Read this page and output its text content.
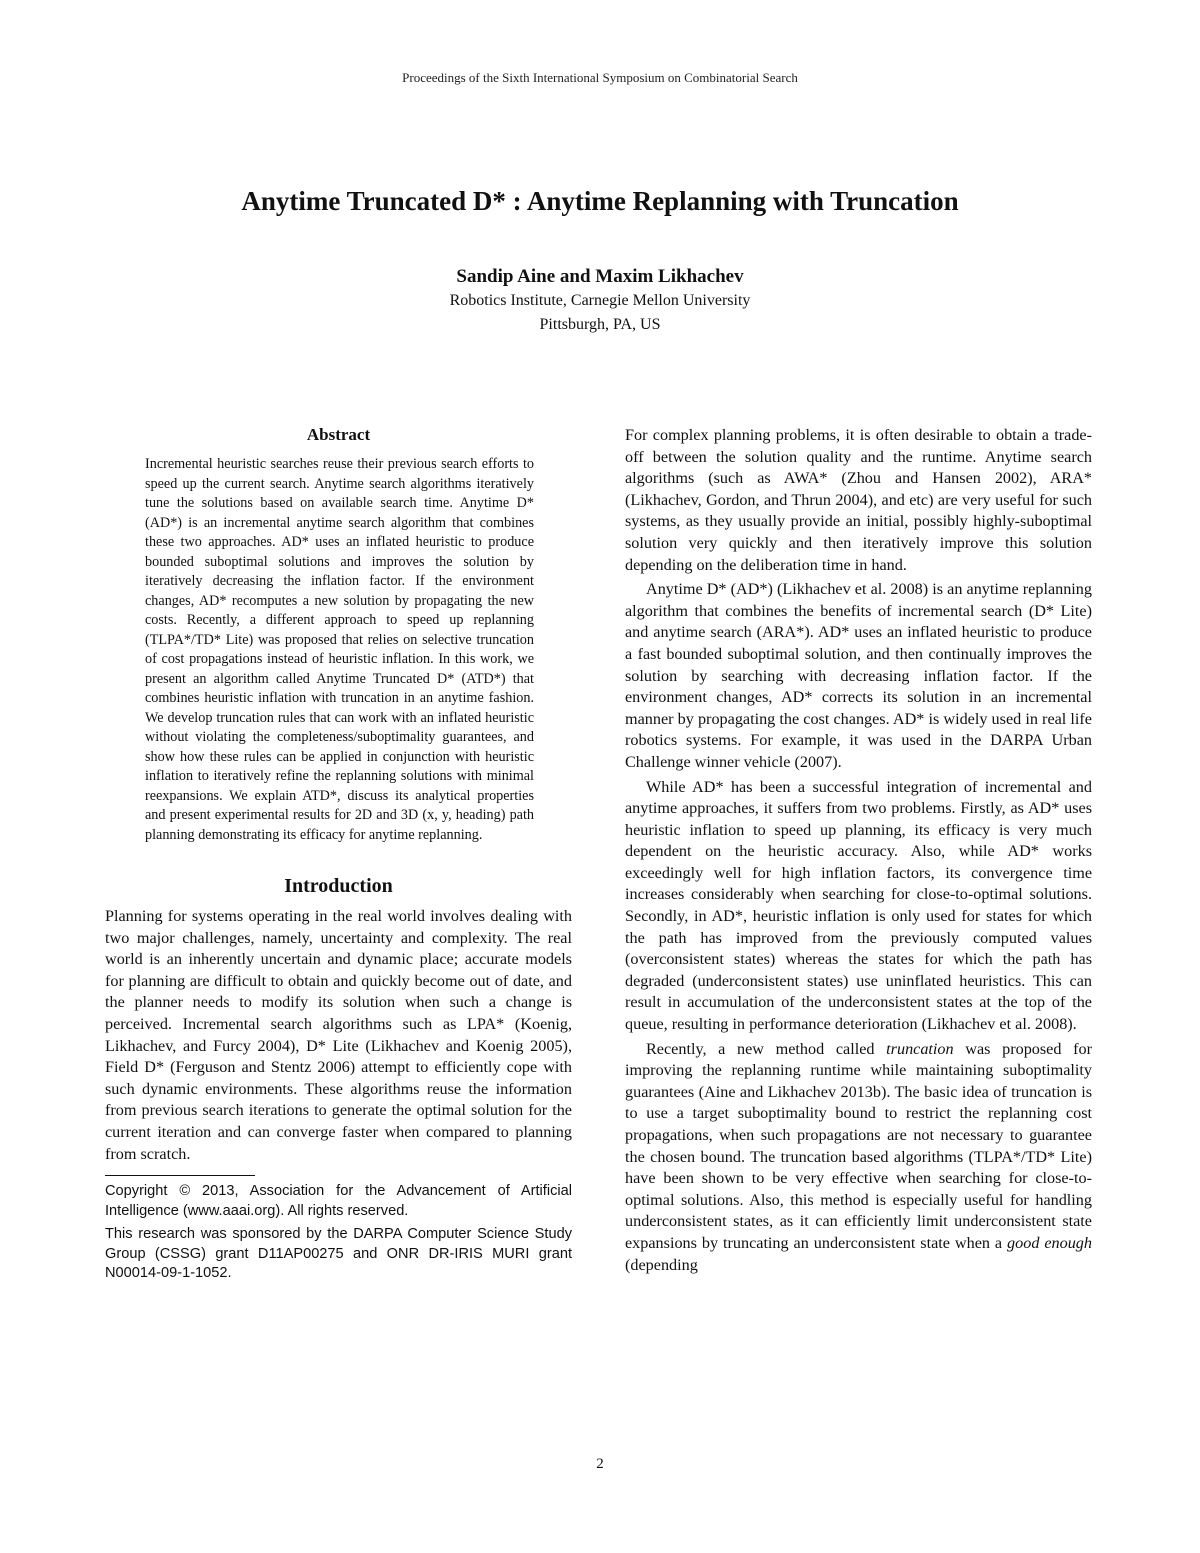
Proceedings of the Sixth International Symposium on Combinatorial Search
Anytime Truncated D* : Anytime Replanning with Truncation
Sandip Aine and Maxim Likhachev
Robotics Institute, Carnegie Mellon University
Pittsburgh, PA, US
Abstract

Incremental heuristic searches reuse their previous search efforts to speed up the current search. Anytime search algorithms iteratively tune the solutions based on available search time. Anytime D* (AD*) is an incremental anytime search algorithm that combines these two approaches. AD* uses an inflated heuristic to produce bounded suboptimal solutions and improves the solution by iteratively decreasing the inflation factor. If the environment changes, AD* recomputes a new solution by propagating the new costs. Recently, a different approach to speed up replanning (TLPA*/TD* Lite) was proposed that relies on selective truncation of cost propagations instead of heuristic inflation. In this work, we present an algorithm called Anytime Truncated D* (ATD*) that combines heuristic inflation with truncation in an anytime fashion. We develop truncation rules that can work with an inflated heuristic without violating the completeness/suboptimality guarantees, and show how these rules can be applied in conjunction with heuristic inflation to iteratively refine the replanning solutions with minimal reexpansions. We explain ATD*, discuss its analytical properties and present experimental results for 2D and 3D (x, y, heading) path planning demonstrating its efficacy for anytime replanning.

Introduction

Planning for systems operating in the real world involves dealing with two major challenges, namely, uncertainty and complexity. The real world is an inherently uncertain and dynamic place; accurate models for planning are difficult to obtain and quickly become out of date, and the planner needs to modify its solution when such a change is perceived. Incremental search algorithms such as LPA* (Koenig, Likhachev, and Furcy 2004), D* Lite (Likhachev and Koenig 2005), Field D* (Ferguson and Stentz 2006) attempt to efficiently cope with such dynamic environments. These algorithms reuse the information from previous search iterations to generate the optimal solution for the current iteration and can converge faster when compared to planning from scratch.

Copyright © 2013, Association for the Advancement of Artificial Intelligence (www.aaai.org). All rights reserved.

This research was sponsored by the DARPA Computer Science Study Group (CSSG) grant D11AP00275 and ONR DR-IRIS MURI grant N00014-09-1-1052.

For complex planning problems, it is often desirable to obtain a trade-off between the solution quality and the runtime. Anytime search algorithms (such as AWA* (Zhou and Hansen 2002), ARA* (Likhachev, Gordon, and Thrun 2004), and etc) are very useful for such systems, as they usually provide an initial, possibly highly-suboptimal solution very quickly and then iteratively improve this solution depending on the deliberation time in hand.

Anytime D* (AD*) (Likhachev et al. 2008) is an anytime replanning algorithm that combines the benefits of incremental search (D* Lite) and anytime search (ARA*). AD* uses an inflated heuristic to produce a fast bounded suboptimal solution, and then continually improves the solution by searching with decreasing inflation factor. If the environment changes, AD* corrects its solution in an incremental manner by propagating the cost changes. AD* is widely used in real life robotics systems. For example, it was used in the DARPA Urban Challenge winner vehicle (2007).

While AD* has been a successful integration of incremental and anytime approaches, it suffers from two problems. Firstly, as AD* uses heuristic inflation to speed up planning, its efficacy is very much dependent on the heuristic accuracy. Also, while AD* works exceedingly well for high inflation factors, its convergence time increases considerably when searching for close-to-optimal solutions. Secondly, in AD*, heuristic inflation is only used for states for which the path has improved from the previously computed values (overconsistent states) whereas the states for which the path has degraded (underconsistent states) use uninflated heuristics. This can result in accumulation of the underconsistent states at the top of the queue, resulting in performance deterioration (Likhachev et al. 2008).

Recently, a new method called truncation was proposed for improving the replanning runtime while maintaining suboptimality guarantees (Aine and Likhachev 2013b). The basic idea of truncation is to use a target suboptimality bound to restrict the replanning cost propagations, when such propagations are not necessary to guarantee the chosen bound. The truncation based algorithms (TLPA*/TD* Lite) have been shown to be very effective when searching for close-to-optimal solutions. Also, this method is especially useful for handling underconsistent states, as it can efficiently limit underconsistent state expansions by truncating an underconsistent state when a good enough (depending

2
